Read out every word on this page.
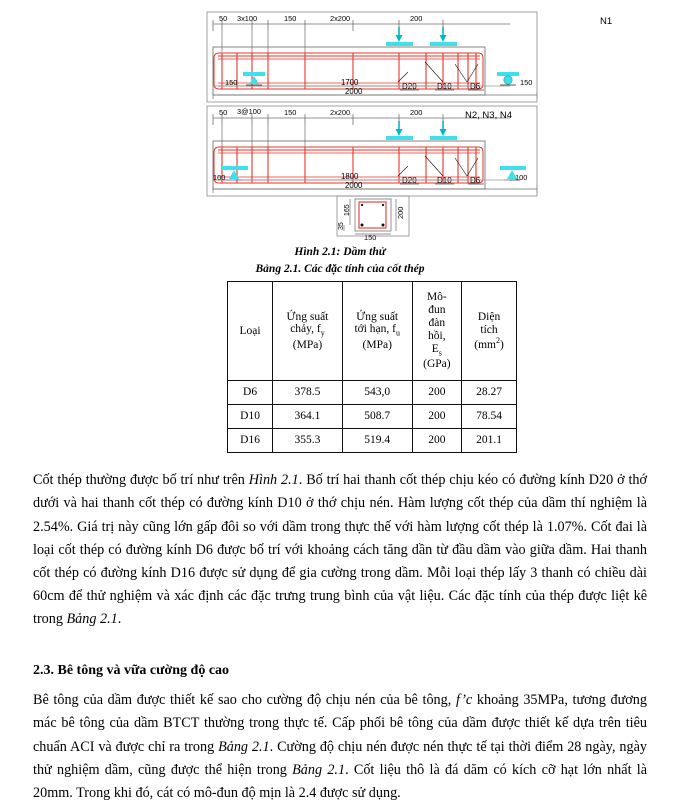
50 3x100	150	2x200	200	N1
D20	D10 D6
150	1700	150
2000
50 3@100	150	2x200	200	N2, N3, N4
D20	D10 D6
100	1800	100
2000
200
165
35
150
Hình 2.1: Dầm thử
Bảng 2.1. Các đặc tính của cốt thép
Loại	Ứng suất
chảy, $f_y$
(MPa)	Ứng suất
tới hạn, $f_u$
(MPa)	Mô-
đun
đàn
hồi,
$E_s$
(GPa)	Diện
tích
$(mm^2)$
D6	378.5	543,0	200	28.27
D10	364.1	508.7	200	78.54
D16	355.3	519.4	200	201.1

Cốt thép thường được bố trí như trên Hình 2.1. Bố trí hai thanh cốt thép chịu kéo có đường kính D20 ở thớ dưới và hai thanh cốt thép có đường kính D10 ở thớ chịu nén. Hàm lượng cốt thép của dầm thí nghiệm là 2.54%. Giá trị này cũng lớn gấp đôi so với dầm trong thực thế với hàm lượng cốt thép là 1.07%. Cốt đai là loại cốt thép có đường kính D6 được bố trí với khoảng cách tăng dần từ đầu dầm vào giữa dầm. Hai thanh cốt thép có đường kính D16 được sử dụng để gia cường trong dầm. Mỗi loại thép lấy 3 thanh có chiều dài 60cm để thử nghiệm và xác định các đặc trưng trung bình của vật liệu. Các đặc tính của thép được liệt kê trong Bảng 2.1.

2.3. Bê tông và vữa cường độ cao

Bê tông của dầm được thiết kế sao cho cường độ chịu nén của bê tông, f’c khoảng 35MPa, tương đương mác bê tông của dầm BTCT thường trong thực tế. Cấp phối bê tông của dầm được thiết kế dựa trên tiêu chuẩn ACI và được chỉ ra trong Bảng 2.1. Cường độ chịu nén được nén thực tế tại thời điểm 28 ngày, ngày thử nghiệm dầm, cũng được thể hiện trong Bảng 2.1. Cốt liệu thô là đá dăm có kích cỡ hạt lớn nhất là 20mm. Trong khi đó, cát có mô-đun độ mịn là 2.4 được sử dụng.
